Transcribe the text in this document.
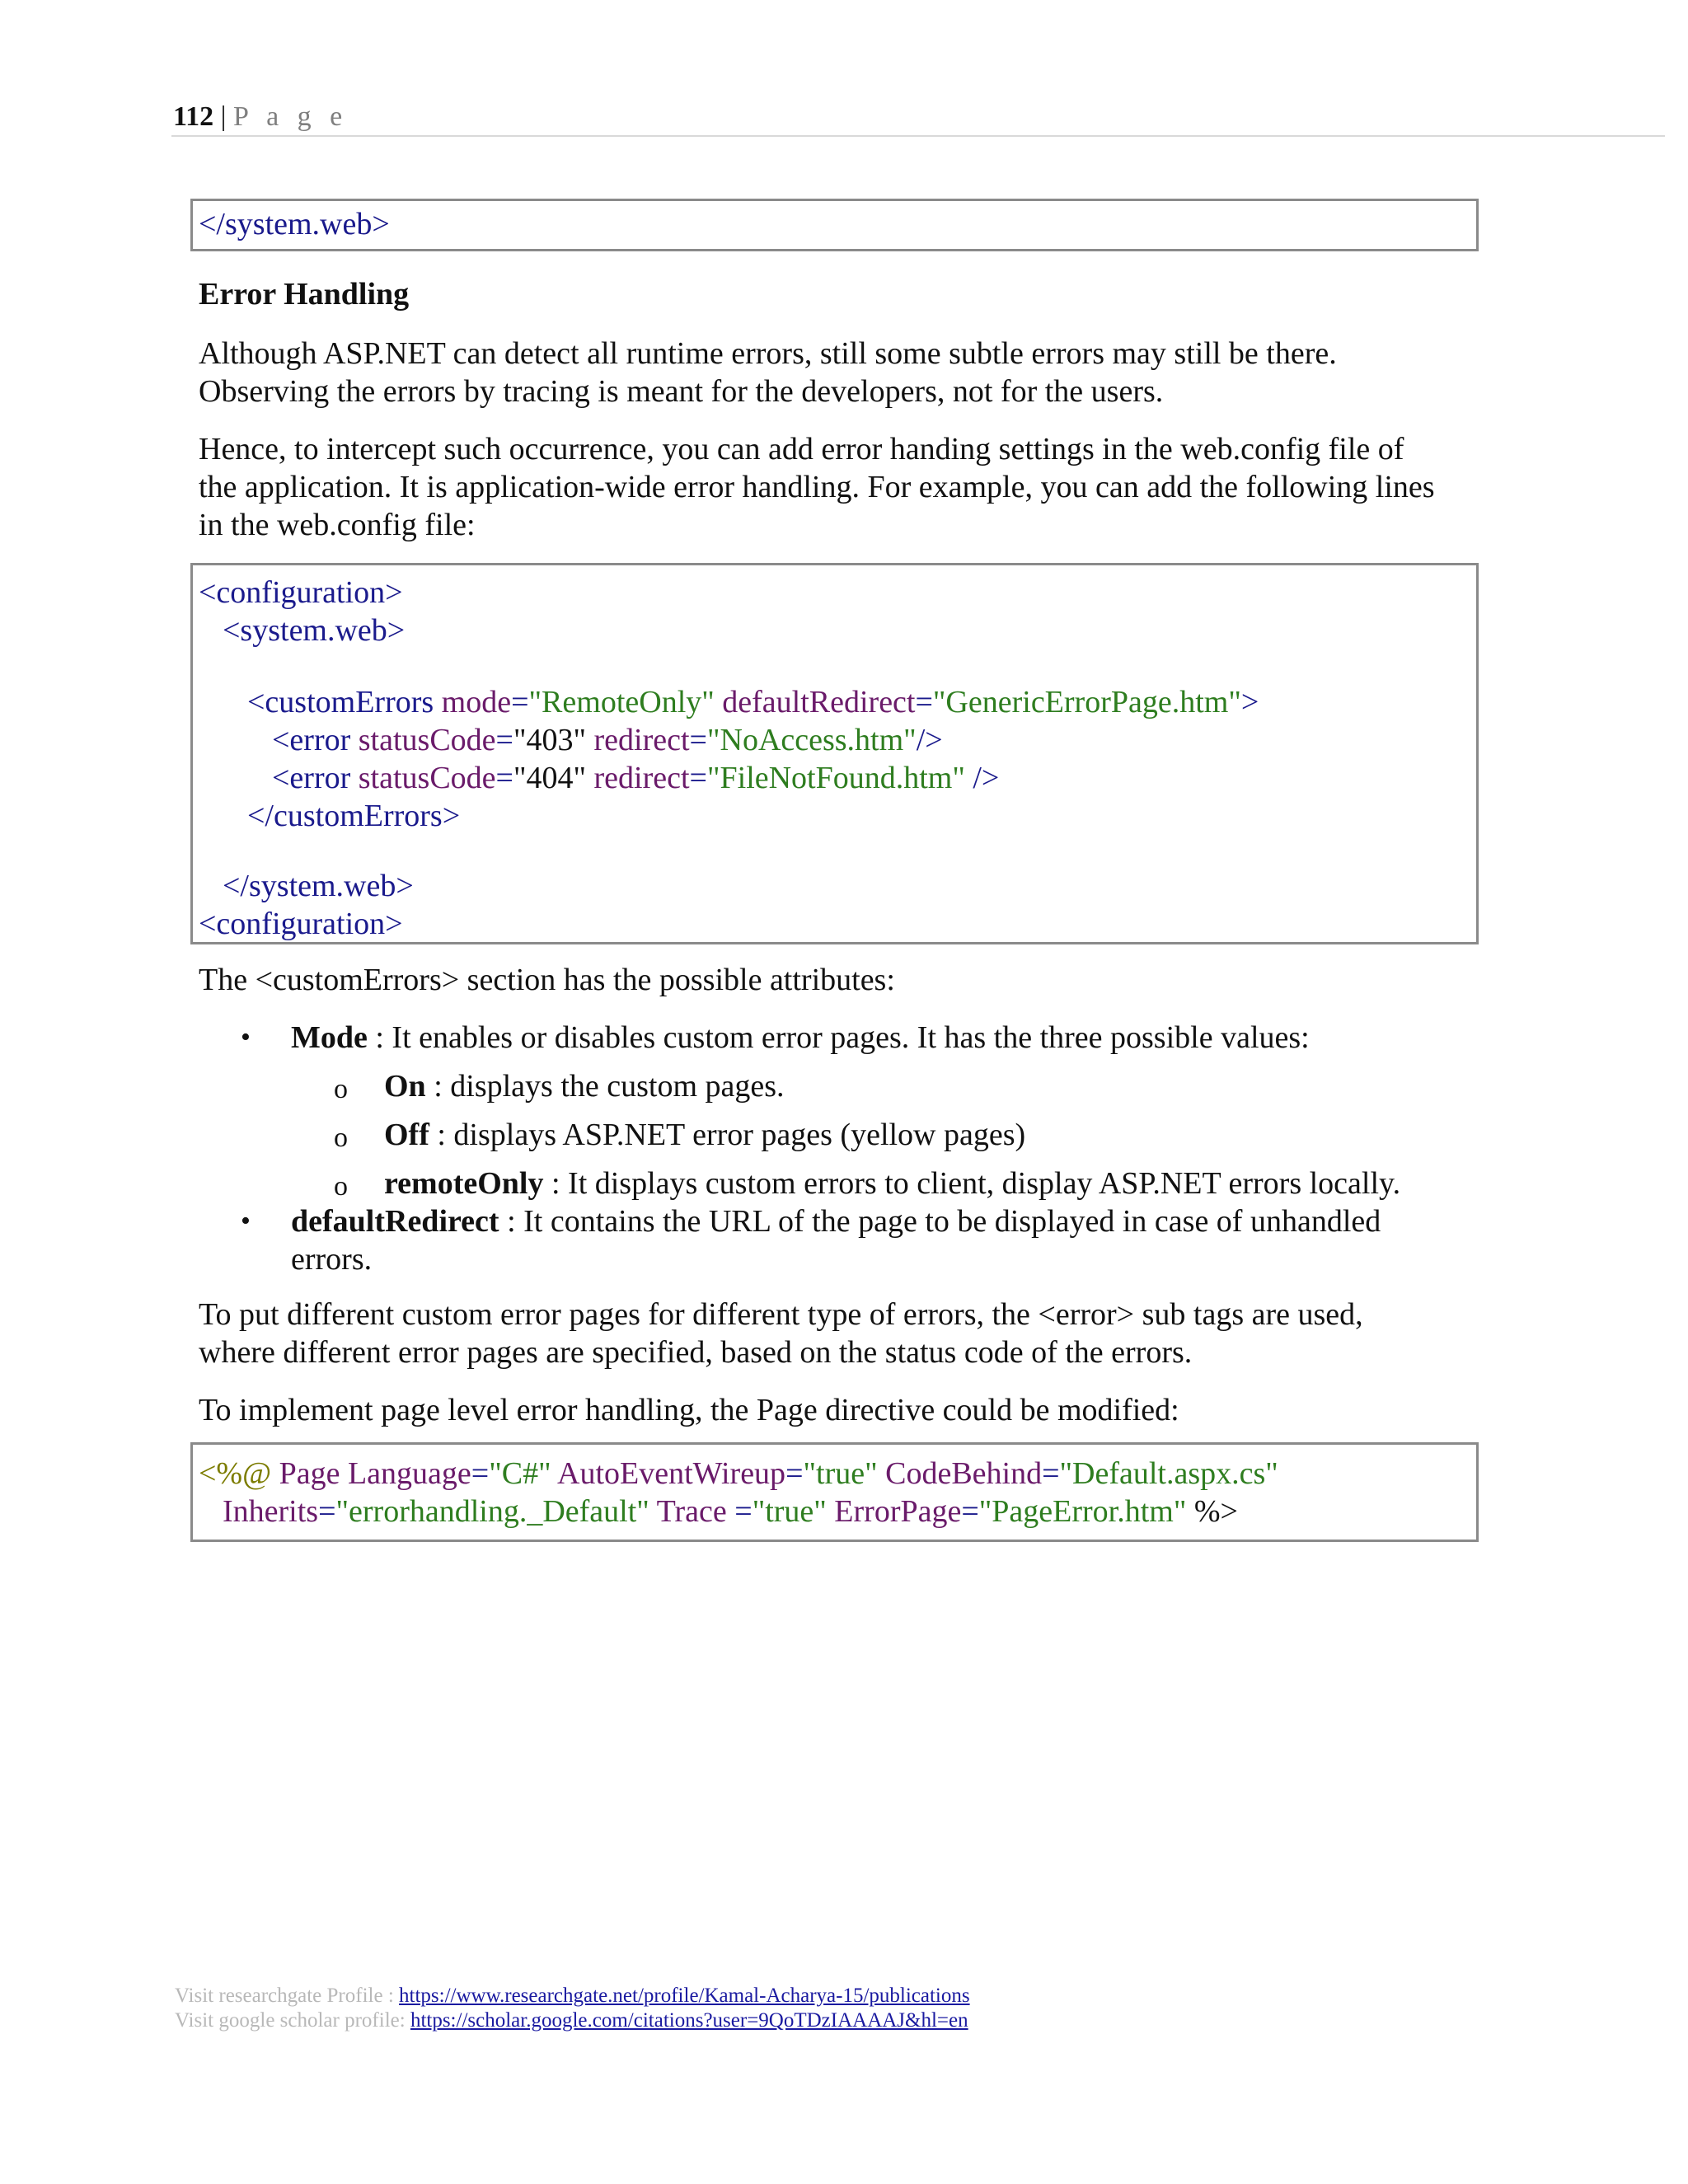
112 | P a g e
</system.web>
Error Handling
Although ASP.NET can detect all runtime errors, still some subtle errors may still be there.
Observing the errors by tracing is meant for the developers, not for the users.
Hence, to intercept such occurrence, you can add error handing settings in the web.config file of
the application. It is application-wide error handling. For example, you can add the following lines
in the web.config file:
<configuration>
<system.web>
<customErrors mode="RemoteOnly" defaultRedirect="GenericErrorPage.htm">
<error statusCode="403" redirect="NoAccess.htm"/>
<error statusCode="404" redirect="FileNotFound.htm" />
</customErrors>
</system.web>
<configuration>
The <customErrors> section has the possible attributes:
• Mode : It enables or disables custom error pages. It has the three possible values:
o On : displays the custom pages.
o Off : displays ASP.NET error pages (yellow pages)
o remoteOnly : It displays custom errors to client, display ASP.NET errors locally.
• defaultRedirect : It contains the URL of the page to be displayed in case of unhandled
errors.
To put different custom error pages for different type of errors, the <error> sub tags are used,
where different error pages are specified, based on the status code of the errors.
To implement page level error handling, the Page directive could be modified:
<%@ Page Language="C#" AutoEventWireup="true" CodeBehind="Default.aspx.cs"
Inherits="errorhandling._Default" Trace ="true" ErrorPage="PageError.htm" %>
Visit researchgate Profile : https://www.researchgate.net/profile/Kamal-Acharya-15/publications
Visit google scholar profile: https://scholar.google.com/citations?user=9QoTDzIAAAAJ&hl=en
